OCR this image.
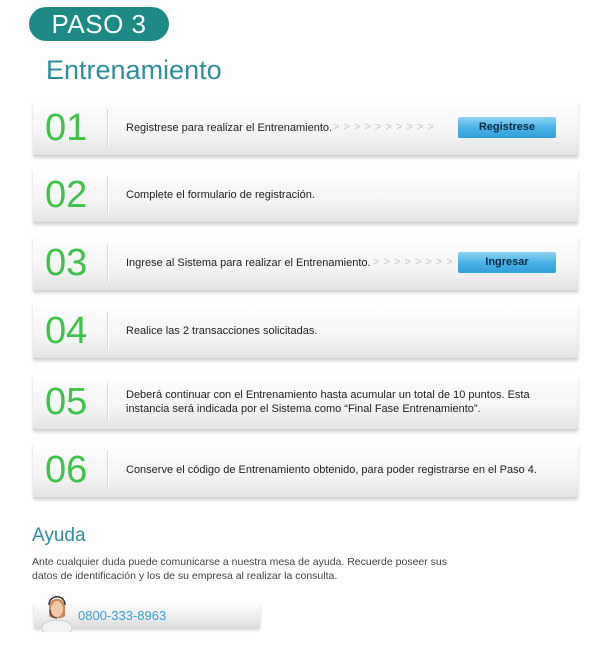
PASO 3
Entrenamiento
01	Registrese para realizar el Entrenamiento. > > > > > > > > > >	Registrese
02	Complete el formulario de registración.
03	Ingrese al Sistema para realizar el Entrenamiento. > > > > > > > >	Ingresar
04	Realice las 2 transacciones solicitadas.
05	Deberá continuar con el Entrenamiento hasta acumular un total de 10 puntos. Esta instancia será indicada por el Sistema como “Final Fase Entrenamiento”.
06	Conserve el código de Entrenamiento obtenido, para poder registrarse en el Paso 4.
Ayuda

Ante cualquier duda puede comunicarse a nuestra mesa de ayuda. Recuerde poseer sus datos de identificación y los de su empresa al realizar la consulta.

0800-333-8963
